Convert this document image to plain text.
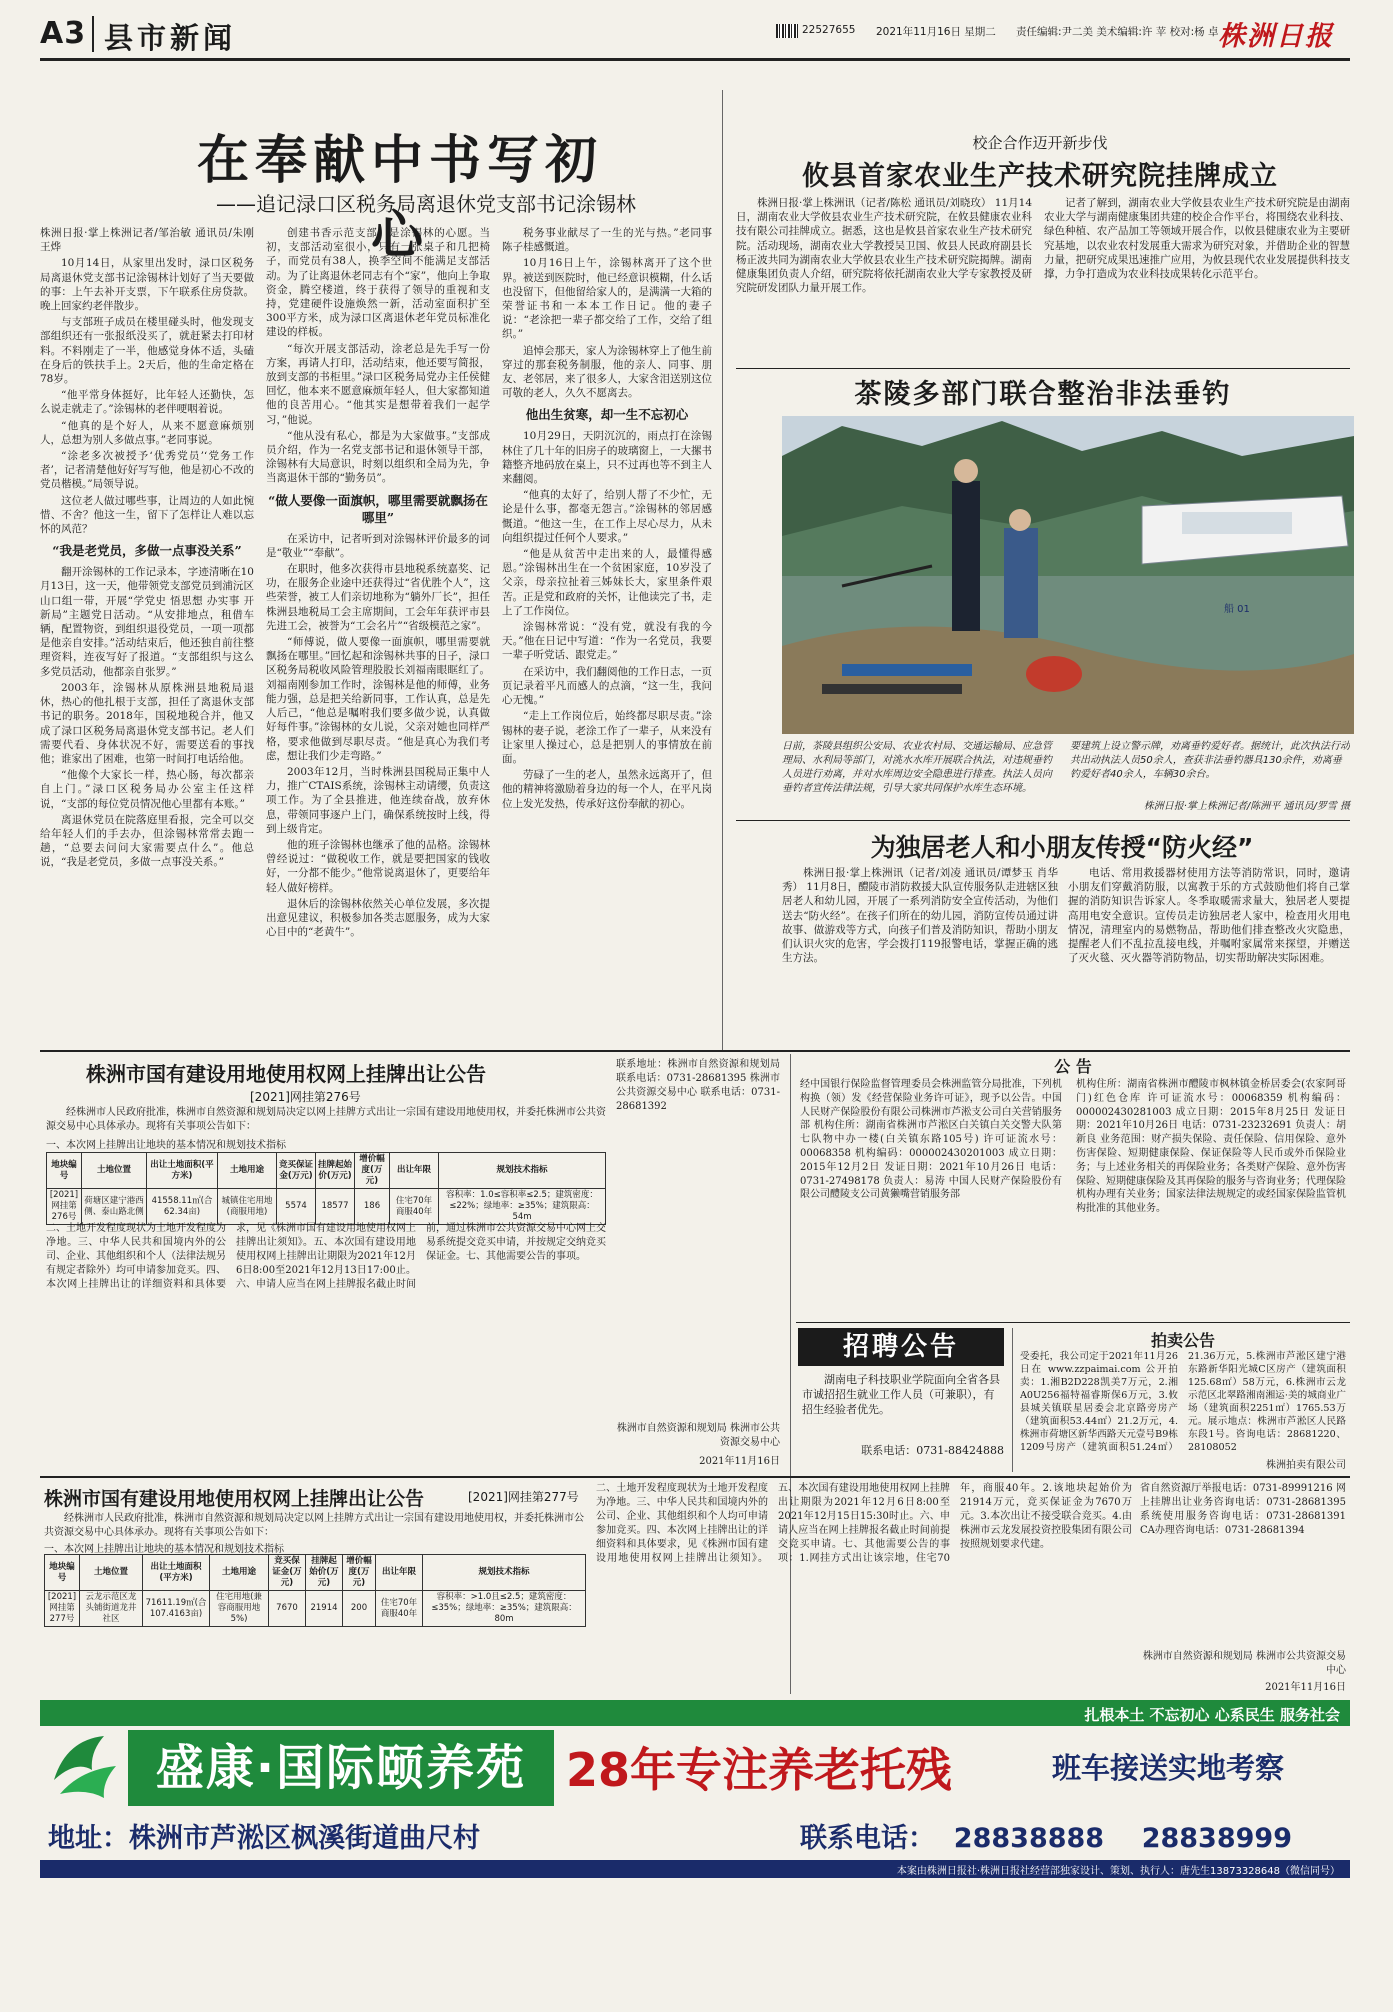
A3 县市新闻	22527655 2021年11月16日 星期二 责任编辑:尹二美 美术编辑:许 苹 校对:杨 卓 株洲日报
在奉献中书写初心
——追记渌口区税务局离退休党支部书记涂锡林

株洲日报·掌上株洲记者/邹治敏 通讯员/朱刚 王烨

10月14日，从家里出发时，渌口区税务局离退休党支部书记涂锡林计划好了当天要做的事：上午去补开支票，下午联系住房贷款。晚上回家约老伴散步。

与支部班子成员在楼里碰头时，他发现支部组织还有一张报纸没买了，就赶紧去打印材料。不料刚走了一半，他感觉身体不适，头磕在身后的铁扶手上。2天后，他的生命定格在78岁。

“他平常身体挺好，比年轻人还勤快，怎么说走就走了。”涂锡林的老伴哽咽着说。

“他真的是个好人，从来不愿意麻烦别人，总想为别人多做点事。”老同事说。

“涂老多次被授予‘优秀党员’‘党务工作者’，记者清楚他好好写写他，他是初心不改的党员楷模。”局领导说。

这位老人做过哪些事，让周边的人如此惋惜、不舍？他这一生，留下了怎样让人难以忘怀的风范？

“我是老党员，多做一点事没关系”

翻开涂锡林的工作记录本，字迹清晰在10月13日，这一天，他带领党支部党员到浦沅区山口组一带，开展“学党史 悟思想 办实事 开新局”主题党日活动。“从安排地点，租借车辆，配置物资，到组织退役党员，一项一项都是他亲自安排。”活动结束后，他还独自前往整理资料，连夜写好了报道。“支部组织与这么多党员活动，他都亲自张罗。”

2003年，涂锡林从原株洲县地税局退休，热心的他扎根于支部，担任了离退休支部书记的职务。2018年，国税地税合并，他又成了渌口区税务局离退休党支部书记。老人们需要代看、身体状况不好，需要送看的事找他；谁家出了困难，也第一时间打电话给他。

“他像个大家长一样，热心肠，每次都亲自上门。”渌口区税务局办公室主任这样说，“支部的每位党员情况他心里都有本账。”

离退休党员在院落庭里看报，完全可以交给年轻人们的手去办，但涂锡林常常去跑一趟，“总要去问问大家需要点什么”。他总说，“我是老党员，多做一点事没关系。”

创建书香示范支部，是涂锡林的心愿。当初，支部活动室很小，只有一张桌子和几把椅子，而党员有38人，换季空间不能满足支部活动。为了让离退休老同志有个“家”，他向上争取资金，腾空楼道，终于获得了领导的重视和支持，党建硬件设施焕然一新，活动室面积扩至300平方米，成为渌口区离退休老年党员标准化建设的样板。

“每次开展支部活动，涂老总是先手写一份方案，再请人打印，活动结束，他还要写简报，放到支部的书柜里。”渌口区税务局党办主任侯健回忆，他本来不愿意麻烦年轻人，但大家都知道他的良苦用心。“他其实是想带着我们一起学习，”他说。

“他从没有私心，都是为大家做事。”支部成员介绍，作为一名党支部书记和退休领导干部，涂锡林有大局意识，时刻以组织和全局为先，争当离退休干部的“勤务员”。

“做人要像一面旗帜，哪里需要就飘扬在哪里”

在采访中，记者听到对涂锡林评价最多的词是“敬业”“奉献”。

在职时，他多次获得市县地税系统嘉奖、记功，在服务企业途中还获得过“省优胜个人”，这些荣誉，被工人们亲切地称为“躺外厂长”，担任株洲县地税局工会主席期间，工会年年获评市县先进工会，被誉为“工会名片”“省级模范之家”。

“师傅说，做人要像一面旗帜，哪里需要就飘扬在哪里。”回忆起和涂锡林共事的日子，渌口区税务局税收风险管理股股长刘福南眼眶红了。刘福南刚参加工作时，涂锡林是他的师傅，业务能力强，总是把关给新同事，工作认真，总是先人后己，“他总是嘱咐我们要多做少说，认真做好每件事。”涂锡林的女儿说，父亲对她也同样严格，要求他做到尽职尽责。“他是真心为我们考虑，想让我们少走弯路。”

2003年12月，当时株洲县国税局正集中人力，推广CTAIS系统，涂锡林主动请缨，负责这项工作。为了全县推进，他连续奋战，放弃休息，带领同事逐户上门，确保系统按时上线，得到上级肯定。

他的班子涂锡林也继承了他的品格。涂锡林曾经说过：“做税收工作，就是要把国家的钱收好，一分都不能少。”他常说离退休了，更要给年轻人做好榜样。

退休后的涂锡林依然关心单位发展，多次提出意见建议，积极参加各类志愿服务，成为大家心目中的“老黄牛”。

税务事业献尽了一生的光与热。”老同事陈子桂感慨道。

10月16日上午，涂锡林离开了这个世界。被送到医院时，他已经意识模糊，什么话也没留下，但他留给家人的，是满满一大箱的荣誉证书和一本本工作日记。他的妻子说：“老涂把一辈子都交给了工作，交给了组织。”

追悼会那天，家人为涂锡林穿上了他生前穿过的那套税务制服，他的亲人、同事、朋友、老邻居，来了很多人，大家含泪送别这位可敬的老人，久久不愿离去。

他出生贫寒，却一生不忘初心

10月29日，天阴沉沉的，雨点打在涂锡林住了几十年的旧房子的玻璃窗上，一大摞书籍整齐地码放在桌上，只不过再也等不到主人来翻阅。

“他真的太好了，给别人帮了不少忙，无论是什么事，都毫无怨言。”涂锡林的邻居感慨道。“他这一生，在工作上尽心尽力，从未向组织提过任何个人要求。”

“他是从贫苦中走出来的人，最懂得感恩。”涂锡林出生在一个贫困家庭，10岁没了父亲，母亲拉扯着三姊妹长大，家里条件艰苦。正是党和政府的关怀，让他读完了书，走上了工作岗位。

涂锡林常说：“没有党，就没有我的今天。”他在日记中写道：“作为一名党员，我要一辈子听党话、跟党走。”

在采访中，我们翻阅他的工作日志，一页页记录着平凡而感人的点滴，“这一生，我问心无愧。”

“走上工作岗位后，始终都尽职尽责。”涂锡林的妻子说，老涂工作了一辈子，从来没有让家里人操过心，总是把别人的事情放在前面。

劳碌了一生的老人，虽然永远离开了，但他的精神将激励着身边的每一个人，在平凡岗位上发光发热，传承好这份奉献的初心。

校企合作迈开新步伐
攸县首家农业生产技术研究院挂牌成立

株洲日报·掌上株洲讯（记者/陈松 通讯员/刘晓玫） 11月14日，湖南农业大学攸县农业生产技术研究院，在攸县健康农业科技有限公司挂牌成立。据悉，这也是攸县首家农业生产技术研究院。活动现场，湖南农业大学教授吴卫国、攸县人民政府副县长杨正波共同为湖南农业大学攸县农业生产技术研究院揭牌。湖南健康集团负责人介绍，研究院将依托湖南农业大学专家教授及研究院研发团队力量开展工作。

记者了解到，湖南农业大学攸县农业生产技术研究院是由湖南农业大学与湖南健康集团共建的校企合作平台，将围绕农业科技、绿色种植、农产品加工等领域开展合作，以攸县健康农业为主要研究基地，以农业农村发展重大需求为研究对象，并借助企业的智慧力量，把研究成果迅速推广应用，为攸县现代农业发展提供科技支撑，力争打造成为农业科技成果转化示范平台。

茶陵多部门联合整治非法垂钓
船 01
日前，茶陵县组织公安局、农业农村局、交通运输局、应急管理局、水利局等部门，对洮水水库开展联合执法，对违规垂钓人员进行劝离，并对水库周边安全隐患进行排查。执法人员向垂钓者宣传法律法规，引导大家共同保护水库生态环境。
要建筑上设立警示牌，劝离垂钓爱好者。据统计，此次执法行动共出动执法人员50余人，查获非法垂钓器具130余件，劝离垂钓爱好者40余人，车辆30余台。
株洲日报·掌上株洲记者/陈洲平 通讯员/罗雪 摄
为独居老人和小朋友传授“防火经”

株洲日报·掌上株洲讯（记者/刘凌 通讯员/谭梦玉 肖华秀） 11月8日，醴陵市消防救援大队宣传服务队走进辖区独居老人和幼儿园，开展了一系列消防安全宣传活动，为他们送去“防火经”。在孩子们所在的幼儿园，消防宣传员通过讲故事、做游戏等方式，向孩子们普及消防知识，帮助小朋友们认识火灾的危害，学会拨打119报警电话，掌握正确的逃生方法。

电话、常用救援器材使用方法等消防常识，同时，邀请小朋友们穿戴消防服，以寓教于乐的方式鼓励他们将自己掌握的消防知识告诉家人。冬季取暖需求量大，独居老人要提高用电安全意识。宣传员走访独居老人家中，检查用火用电情况，清理室内的易燃物品，帮助他们排查整改火灾隐患，提醒老人们不乱拉乱接电线，并嘱咐家属常来探望，并赠送了灭火毯、灭火器等消防物品，切实帮助解决实际困难。

株洲市国有建设用地使用权网上挂牌出让公告
[2021]网挂第276号
经株洲市人民政府批准，株洲市自然资源和规划局决定以网上挂牌方式出让一宗国有建设用地使用权，并委托株洲市公共资源交易中心具体承办。现将有关事项公告如下：
一、本次网上挂牌出让地块的基本情况和规划技术指标
地块编号	土地位置	出让土地面积(平方米)	土地用途	竞买保证金(万元)	挂牌起始价(万元)	增价幅度(万元)	出让年限	规划技术指标
[2021]网挂第276号	荷塘区建宁港西侧、泰山路北侧	41558.11㎡(合62.34亩)	城镇住宅用地(商服用地)	5574	18577	186	住宅70年 商服40年	容积率：1.0≤容积率≤2.5；建筑密度：≤22%；绿地率：≥35%；建筑限高：54m
二、土地开发程度现状为土地开发程度为净地。三、中华人民共和国境内外的公司、企业、其他组织和个人（法律法规另有规定者除外）均可申请参加竞买。四、本次网上挂牌出让的详细资料和具体要求，见《株洲市国有建设用地使用权网上挂牌出让须知》。五、本次国有建设用地使用权网上挂牌出让期限为2021年12月6日8:00至2021年12月13日17:00止。六、申请人应当在网上挂牌报名截止时间前，通过株洲市公共资源交易中心网上交易系统提交竞买申请，并按规定交纳竞买保证金。七、其他需要公告的事项。
联系地址：株洲市自然资源和规划局 联系电话：0731-28681395 株洲市公共资源交易中心 联系电话：0731-28681392
株洲市自然资源和规划局 株洲市公共资源交易中心
2021年11月16日
公 告
经中国银行保险监督管理委员会株洲监管分局批准，下列机构换（领）发《经营保险业务许可证》，现予以公告。中国人民财产保险股份有限公司株洲市芦淞支公司白关营销服务部 机构住所：湖南省株洲市芦淞区白关镇白关交警大队第七队物中办一楼(白关镇东路105号) 许可证流水号：00068358 机构编码：000002430201003 成立日期：2015年12月2日 发证日期：2021年10月26日 电话：0731-27498178 负责人：易涛 中国人民财产保险股份有限公司醴陵支公司黄獭嘴营销服务部
机构住所：湖南省株洲市醴陵市枫林镇金桥居委会(农家阿哥门)红色仓库 许可证流水号：00068359 机构编码：000002430281003 成立日期：2015年8月25日 发证日期：2021年10月26日 电话：0731-23232691 负责人：胡新良 业务范围：财产损失保险、责任保险、信用保险、意外伤害保险、短期健康保险、保证保险等人民币或外币保险业务；与上述业务相关的再保险业务；各类财产保险、意外伤害保险、短期健康保险及其再保险的服务与咨询业务；代理保险机构办理有关业务；国家法律法规规定的或经国家保险监管机构批准的其他业务。
招聘公告
湖南电子科技职业学院面向全省各县市诚招招生就业工作人员（可兼职），有招生经验者优先。
联系电话：0731-88424888
拍卖公告
受委托，我公司定于2021年11月26日在 www.zzpaimai.com 公开拍卖：1.湘B2D228凯美7万元，2.湘A0U256福特福睿斯保6万元，3.攸县城关镇联星居委会北京路旁房产（建筑面积53.44㎡）21.2万元，4.株洲市荷塘区新华西路天元壹号B9栋1209号房产（建筑面积51.24㎡）21.36万元，5.株洲市芦淞区建宁港东路新华阳光城C区房产（建筑面积125.68㎡）58万元，6.株洲市云龙示范区北翠路湘南湘运·美的城商业广场（建筑面积2251㎡）1765.53万元。展示地点：株洲市芦淞区人民路东段1号。咨询电话：28681220、28108052
株洲拍卖有限公司
株洲市国有建设用地使用权网上挂牌出让公告	[2021]网挂第277号
经株洲市人民政府批准，株洲市自然资源和规划局决定以网上挂牌方式出让一宗国有建设用地使用权，并委托株洲市公共资源交易中心具体承办。现将有关事项公告如下：
一、本次网上挂牌出让地块的基本情况和规划技术指标
地块编号	土地位置	出让土地面积(平方米)	土地用途	竞买保证金(万元)	挂牌起始价(万元)	增价幅度(万元)	出让年限	规划技术指标
[2021]网挂第277号	云龙示范区龙头铺街道龙井社区	71611.19㎡(合107.4163亩)	住宅用地(兼容商服用地5%)	7670	21914	200	住宅70年 商服40年	容积率：>1.0且≤2.5；建筑密度：≤35%；绿地率：≥35%；建筑限高：80m
二、土地开发程度现状为土地开发程度为净地。三、中华人民共和国境内外的公司、企业、其他组织和个人均可申请参加竞买。四、本次网上挂牌出让的详细资料和具体要求，见《株洲市国有建设用地使用权网上挂牌出让须知》。五、本次国有建设用地使用权网上挂牌出让期限为2021年12月6日8:00至2021年12月15日15:30时止。六、申请人应当在网上挂牌报名截止时间前提交竞买申请。七、其他需要公告的事项：1.网挂方式出让该宗地，住宅70年，商服40年。2.该地块起始价为21914万元，竞买保证金为7670万元。3.本次出让不接受联合竞买。4.由株洲市云龙发展投资控股集团有限公司按照规划要求代建。
省自然资源厅举报电话：0731-89991216 网上挂牌出让业务咨询电话：0731-28681395 系统使用服务咨询电话：0731-28681391 CA办理咨询电话：0731-28681394
株洲市自然资源和规划局 株洲市公共资源交易中心
2021年11月16日
扎根本土 不忘初心 心系民生 服务社会
盛康·国际颐养苑 28年专注养老托残	班车接送实地考察
地址：株洲市芦淞区枫溪街道曲尺村	联系电话：  28838888    28838999
本案由株洲日报社·株洲日报社经营部独家设计、策划、执行人：唐先生13873328648（微信同号）
